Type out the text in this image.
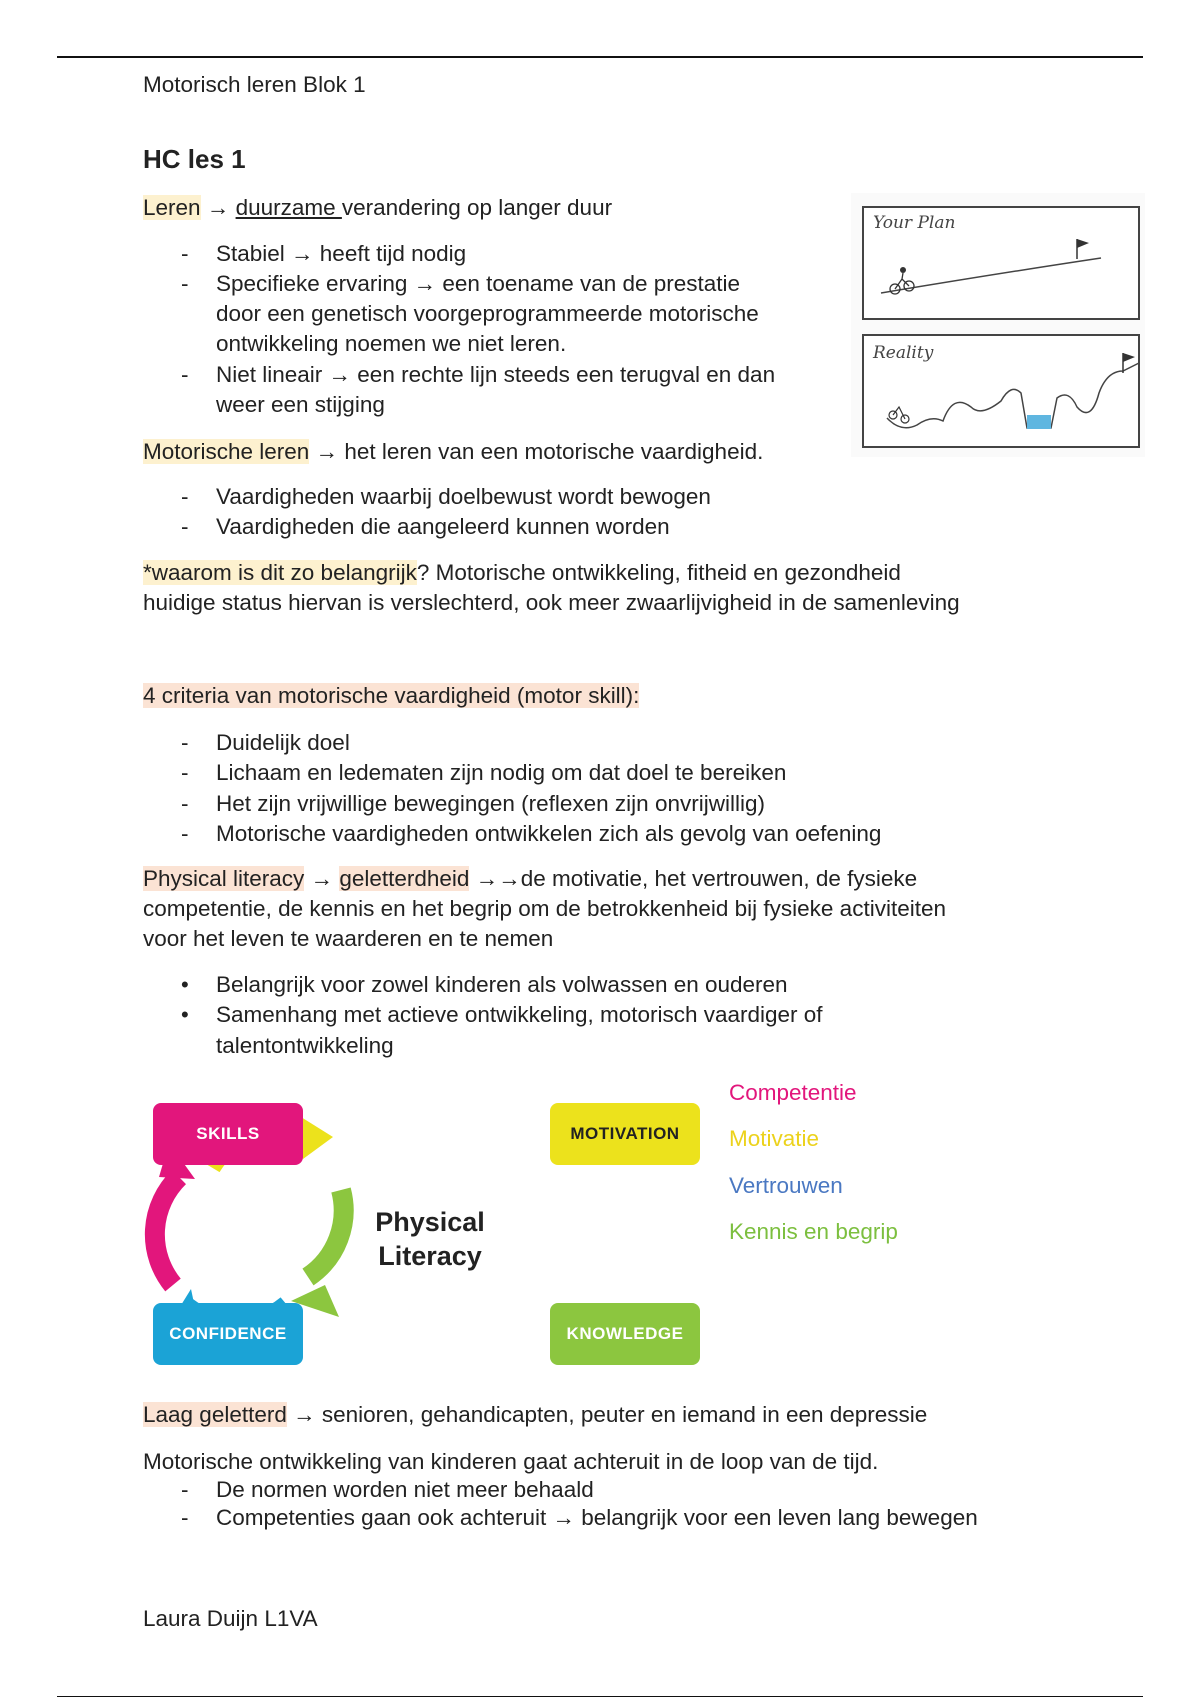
Motorisch leren Blok 1
HC les 1
Leren → duurzame verandering op langer duur
- Stabiel → heeft tijd nodig
- Specifieke ervaring → een toename van de prestatie
door een genetisch voorgeprogrammeerde motorische
ontwikkeling noemen we niet leren.
- Niet lineair → een rechte lijn steeds een terugval en dan
weer een stijging
Motorische leren → het leren van een motorische vaardigheid.
- Vaardigheden waarbij doelbewust wordt bewogen
- Vaardigheden die aangeleerd kunnen worden
*waarom is dit zo belangrijk? Motorische ontwikkeling, fitheid en gezondheid
huidige status hiervan is verslechterd, ook meer zwaarlijvigheid in de samenleving
4 criteria van motorische vaardigheid (motor skill):
- Duidelijk doel
- Lichaam en ledematen zijn nodig om dat doel te bereiken
- Het zijn vrijwillige bewegingen (reflexen zijn onvrijwillig)
- Motorische vaardigheden ontwikkelen zich als gevolg van oefening
Physical literacy → geletterdheid →→de motivatie, het vertrouwen, de fysieke
competentie, de kennis en het begrip om de betrokkenheid bij fysieke activiteiten
voor het leven te waarderen en te nemen
• Belangrijk voor zowel kinderen als volwassen en ouderen
• Samenhang met actieve ontwikkeling, motorisch vaardiger of
talentontwikkeling
Laag geletterd → senioren, gehandicapten, peuter en iemand in een depressie
Motorische ontwikkeling van kinderen gaat achteruit in de loop van de tijd.
- De normen worden niet meer behaald
- Competenties gaan ook achteruit → belangrijk voor een leven lang bewegen
Laura Duijn L1VA
Your Plan
Reality
SKILLS	MOTIVATION
CONFIDENCE	KNOWLEDGE
Physical
Literacy
Competentie
Motivatie
Vertrouwen
Kennis en begrip
